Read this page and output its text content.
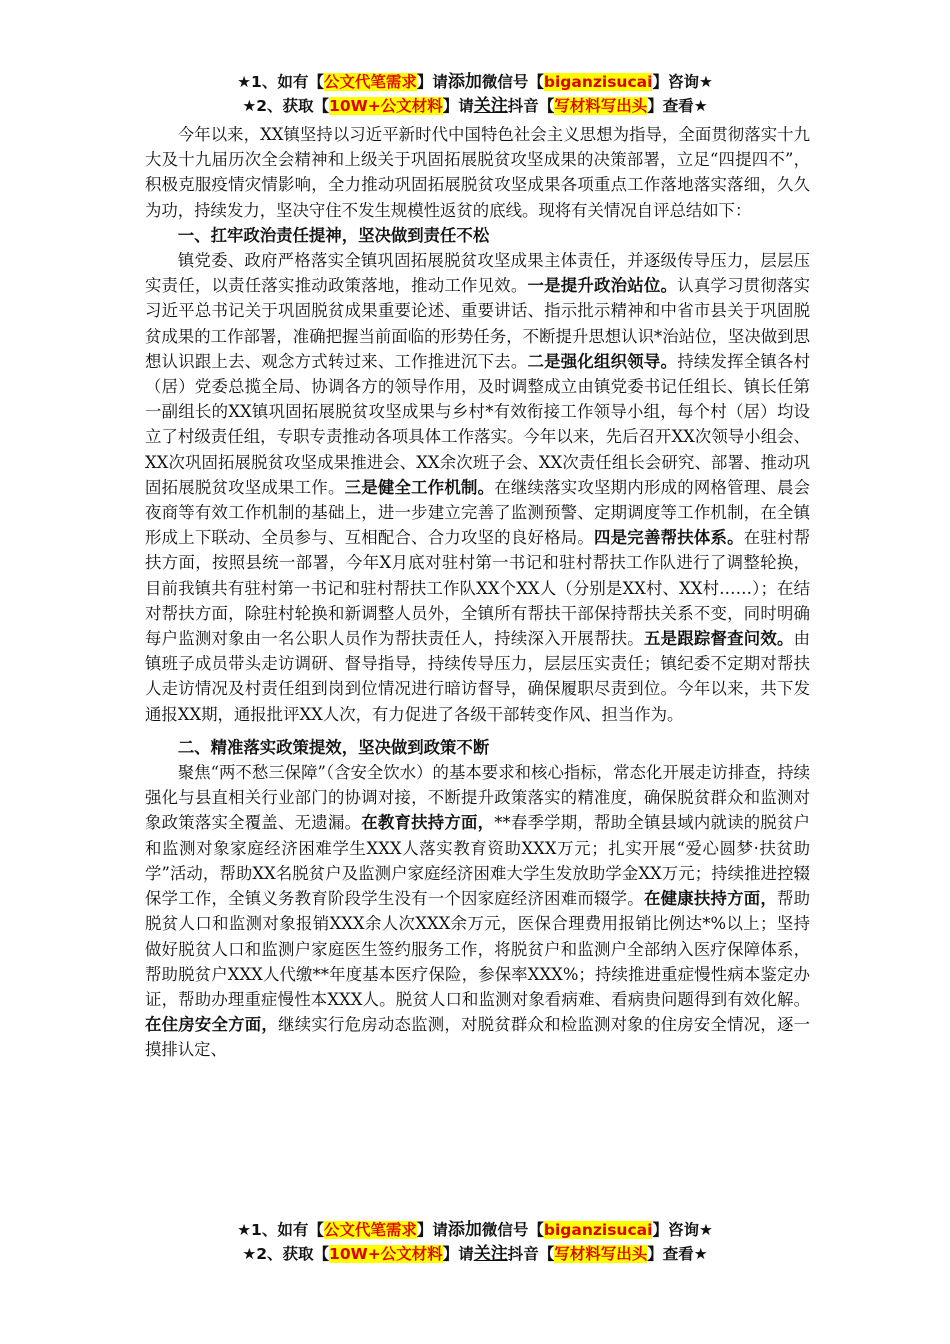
★1、如有【公文代笔需求】请添加微信号【biganzisucai】咨询★
★2、获取【10W+公文材料】请关注抖音【写材料写出头】查看★

今年以来，XX镇坚持以习近平新时代中国特色社会主义思想为指导，全面贯彻落实十九大及十九届历次全会精神和上级关于巩固拓展脱贫攻坚成果的决策部署，立足“四提四不”，积极克服疫情灾情影响，全力推动巩固拓展脱贫攻坚成果各项重点工作落地落实落细，久久为功，持续发力，坚决守住不发生规模性返贫的底线。现将有关情况自评总结如下：

一、扛牢政治责任提神，坚决做到责任不松

镇党委、政府严格落实全镇巩固拓展脱贫攻坚成果主体责任，并逐级传导压力，层层压实责任，以责任落实推动政策落地，推动工作见效。一是提升政治站位。认真学习贯彻落实习近平总书记关于巩固脱贫成果重要论述、重要讲话、指示批示精神和中省市县关于巩固脱贫成果的工作部署，准确把握当前面临的形势任务，不断提升思想认识*治站位，坚决做到思想认识跟上去、观念方式转过来、工作推进沉下去。二是强化组织领导。持续发挥全镇各村（居）党委总揽全局、协调各方的领导作用，及时调整成立由镇党委书记任组长、镇长任第一副组长的XX镇巩固拓展脱贫攻坚成果与乡村*有效衔接工作领导小组，每个村（居）均设立了村级责任组，专职专责推动各项具体工作落实。今年以来，先后召开XX次领导小组会、XX次巩固拓展脱贫攻坚成果推进会、XX余次班子会、XX次责任组长会研究、部署、推动巩固拓展脱贫攻坚成果工作。三是健全工作机制。在继续落实攻坚期内形成的网格管理、晨会夜商等有效工作机制的基础上，进一步建立完善了监测预警、定期调度等工作机制，在全镇形成上下联动、全员参与、互相配合、合力攻坚的良好格局。四是完善帮扶体系。在驻村帮扶方面，按照县统一部署，今年X月底对驻村第一书记和驻村帮扶工作队进行了调整轮换，目前我镇共有驻村第一书记和驻村帮扶工作队XX个XX人（分别是XX村、XX村……）；在结对帮扶方面，除驻村轮换和新调整人员外，全镇所有帮扶干部保持帮扶关系不变，同时明确每户监测对象由一名公职人员作为帮扶责任人，持续深入开展帮扶。五是跟踪督查问效。由镇班子成员带头走访调研、督导指导，持续传导压力，层层压实责任；镇纪委不定期对帮扶人走访情况及村责任组到岗到位情况进行暗访督导，确保履职尽责到位。今年以来，共下发通报XX期，通报批评XX人次，有力促进了各级干部转变作风、担当作为。

二、精准落实政策提效，坚决做到政策不断

聚焦“两不愁三保障”（含安全饮水）的基本要求和核心指标，常态化开展走访排查，持续强化与县直相关行业部门的协调对接，不断提升政策落实的精准度，确保脱贫群众和监测对象政策落实全覆盖、无遗漏。在教育扶持方面，**春季学期，帮助全镇县域内就读的脱贫户和监测对象家庭经济困难学生XXX人落实教育资助XXX万元；扎实开展“爱心圆梦·扶贫助学”活动，帮助XX名脱贫户及监测户家庭经济困难大学生发放助学金XX万元；持续推进控辍保学工作，全镇义务教育阶段学生没有一个因家庭经济困难而辍学。在健康扶持方面，帮助脱贫人口和监测对象报销XXX余人次XXX余万元，医保合理费用报销比例达*%以上；坚持做好脱贫人口和监测户家庭医生签约服务工作，将脱贫户和监测户全部纳入医疗保障体系，帮助脱贫户XXX人代缴**年度基本医疗保险，参保率XXX%；持续推进重症慢性病本鉴定办证，帮助办理重症慢性本XXX人。脱贫人口和监测对象看病难、看病贵问题得到有效化解。在住房安全方面，继续实行危房动态监测，对脱贫群众和检监测对象的住房安全情况，逐一摸排认定、

★1、如有【公文代笔需求】请添加微信号【biganzisucai】咨询★
★2、获取【10W+公文材料】请关注抖音【写材料写出头】查看★
